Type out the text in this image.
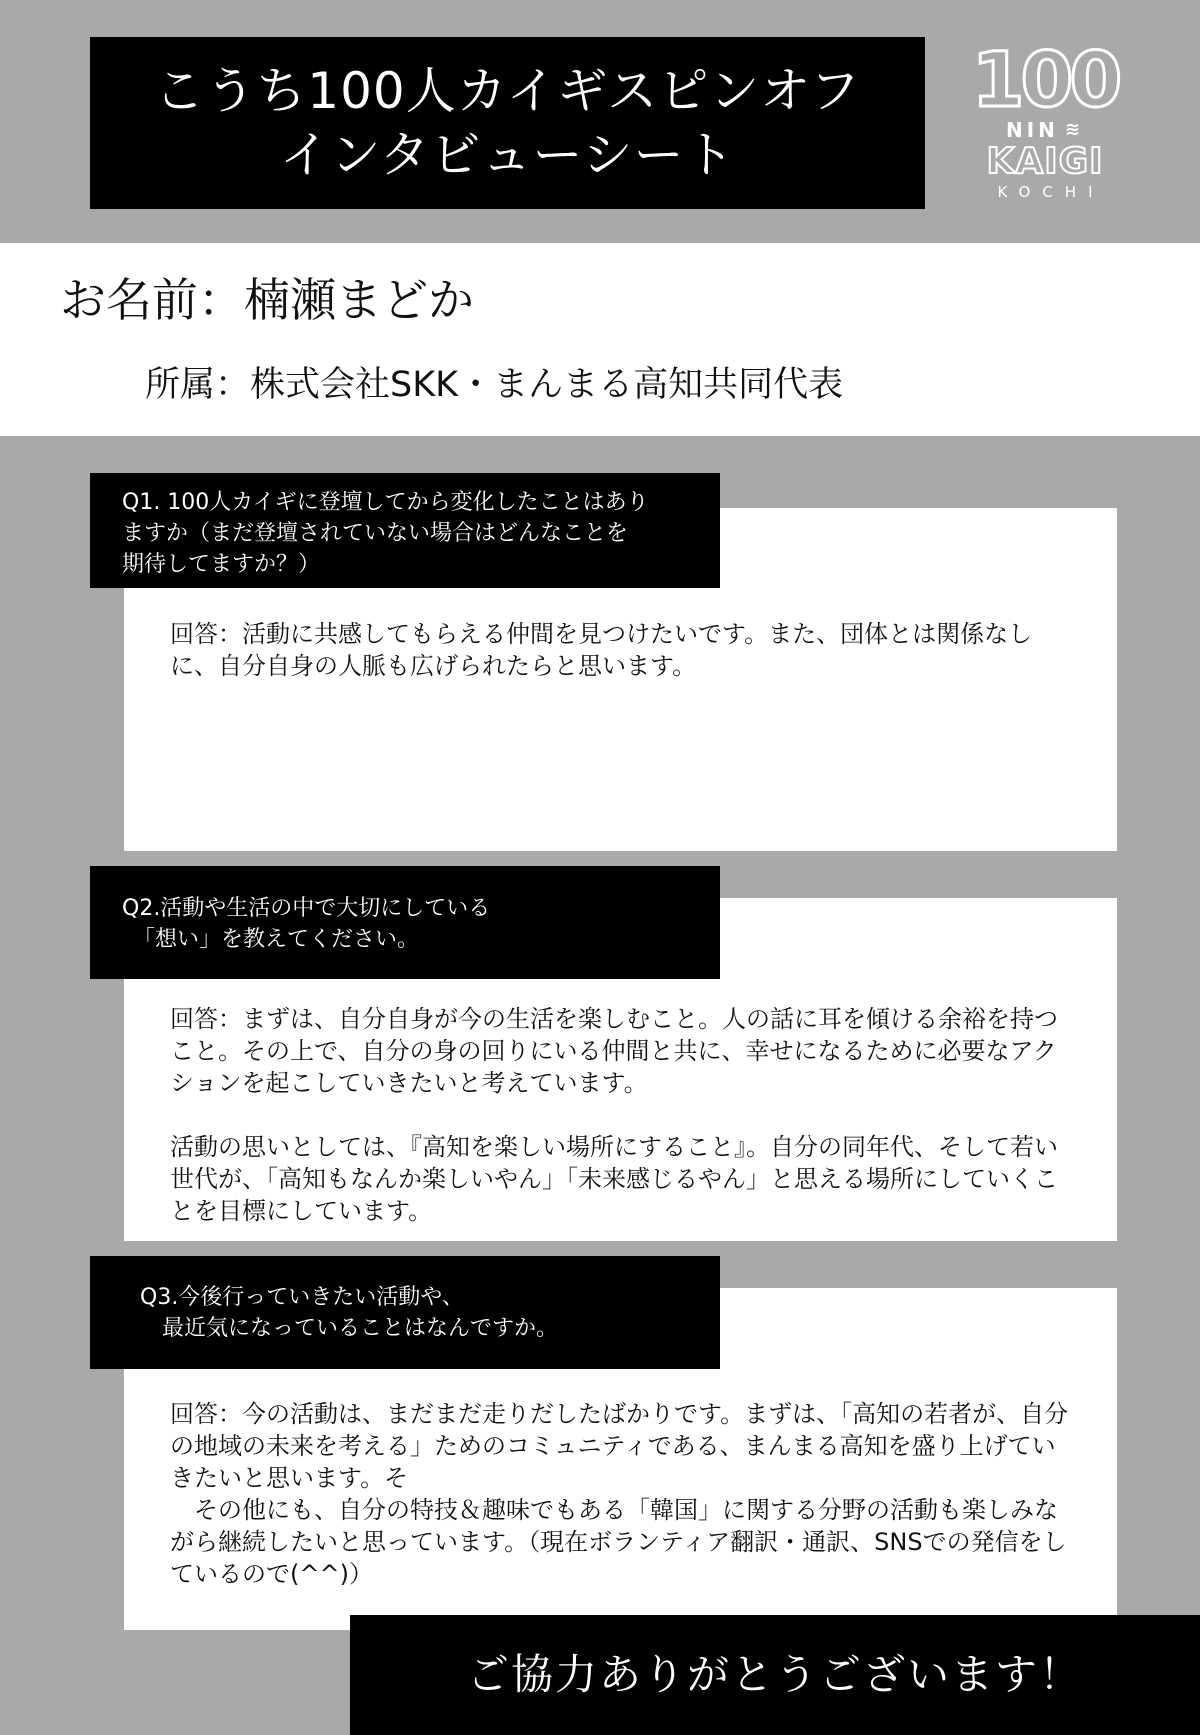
こうち100人カイギスピンオフ
インタビューシート
100
NIN ≋
KAIGI
KOCHI
お名前：楠瀬まどか
所属：株式会社SKK・まんまる高知共同代表
Q1. 100人カイギに登壇してから変化したことはあり
ますか（まだ登壇されていない場合はどんなことを
期待してますか？）
回答：活動に共感してもらえる仲間を見つけたいです。また、団体とは関係なしに、自分自身の人脈も広げられたらと思います。
Q2.活動や生活の中で大切にしている
　「想い」を教えてください。
回答：まずは、自分自身が今の生活を楽しむこと。人の話に耳を傾ける余裕を持つこと。その上で、自分の身の回りにいる仲間と共に、幸せになるために必要なアクションを起こしていきたいと考えています。
活動の思いとしては、『高知を楽しい場所にすること』。自分の同年代、そして若い世代が、「高知もなんか楽しいやん」「未来感じるやん」と思える場所にしていくことを目標にしています。
Q3.今後行っていきたい活動や、
　最近気になっていることはなんですか。
回答：今の活動は、まだまだ走りだしたばかりです。まずは、「高知の若者が、自分の地域の未来を考える」ためのコミュニティである、まんまる高知を盛り上げていきたいと思います。そ
　その他にも、自分の特技＆趣味でもある「韓国」に関する分野の活動も楽しみながら継続したいと思っています。（現在ボランティア翻訳・通訳、SNSでの発信をしているので(^^)）
ご協力ありがとうございます！
